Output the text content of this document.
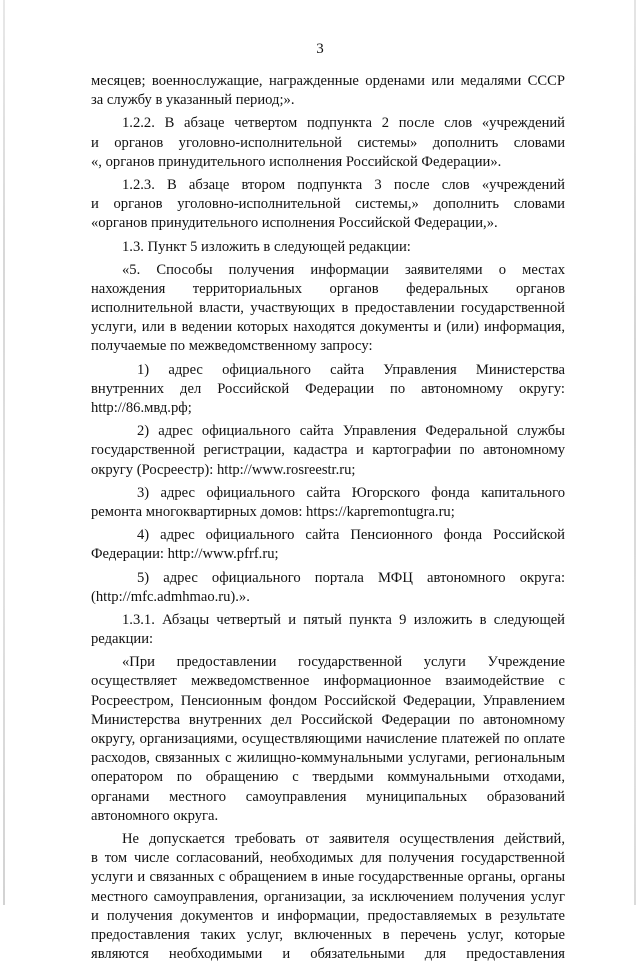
3
месяцев; военнослужащие, награжденные орденами или медалями СССР
за службу в указанный период;».
1.2.2. В абзаце четвертом подпункта 2 после слов «учреждений
и органов уголовно-исполнительной системы» дополнить словами
«, органов принудительного исполнения Российской Федерации».
1.2.3. В абзаце втором подпункта 3 после слов «учреждений
и органов уголовно-исполнительной системы,» дополнить словами
«органов принудительного исполнения Российской Федерации,».
1.3. Пункт 5 изложить в следующей редакции:
«5. Способы получения информации заявителями о местах
нахождения территориальных органов федеральных органов
исполнительной власти, участвующих в предоставлении государственной
услуги, или в ведении которых находятся документы и (или) информация,
получаемые по межведомственному запросу:
1) адрес официального сайта Управления Министерства
внутренних дел Российской Федерации по автономному округу:
http://86.мвд.рф;
2) адрес официального сайта Управления Федеральной службы
государственной регистрации, кадастра и картографии по автономному
округу (Росреестр): http://www.rosreestr.ru;
3) адрес официального сайта Югорского фонда капитального
ремонта многоквартирных домов: https://kapremontugra.ru;
4) адрес официального сайта Пенсионного фонда Российской
Федерации: http://www.pfrf.ru;
5) адрес официального портала МФЦ автономного округа:
(http://mfc.admhmao.ru).».
1.3.1. Абзацы четвертый и пятый пункта 9 изложить в следующей
редакции:
«При предоставлении государственной услуги Учреждение
осуществляет межведомственное информационное взаимодействие с
Росреестром, Пенсионным фондом Российской Федерации, Управлением
Министерства внутренних дел Российской Федерации по автономному
округу, организациями, осуществляющими начисление платежей по оплате
расходов, связанных с жилищно-коммунальными услугами, региональным
оператором по обращению с твердыми коммунальными отходами,
органами местного самоуправления муниципальных образований
автономного округа.
Не допускается требовать от заявителя осуществления действий,
в том числе согласований, необходимых для получения государственной
услуги и связанных с обращением в иные государственные органы, органы
местного самоуправления, организации, за исключением получения услуг
и получения документов и информации, предоставляемых в результате
предоставления таких услуг, включенных в перечень услуг, которые
являются необходимыми и обязательными для предоставления
